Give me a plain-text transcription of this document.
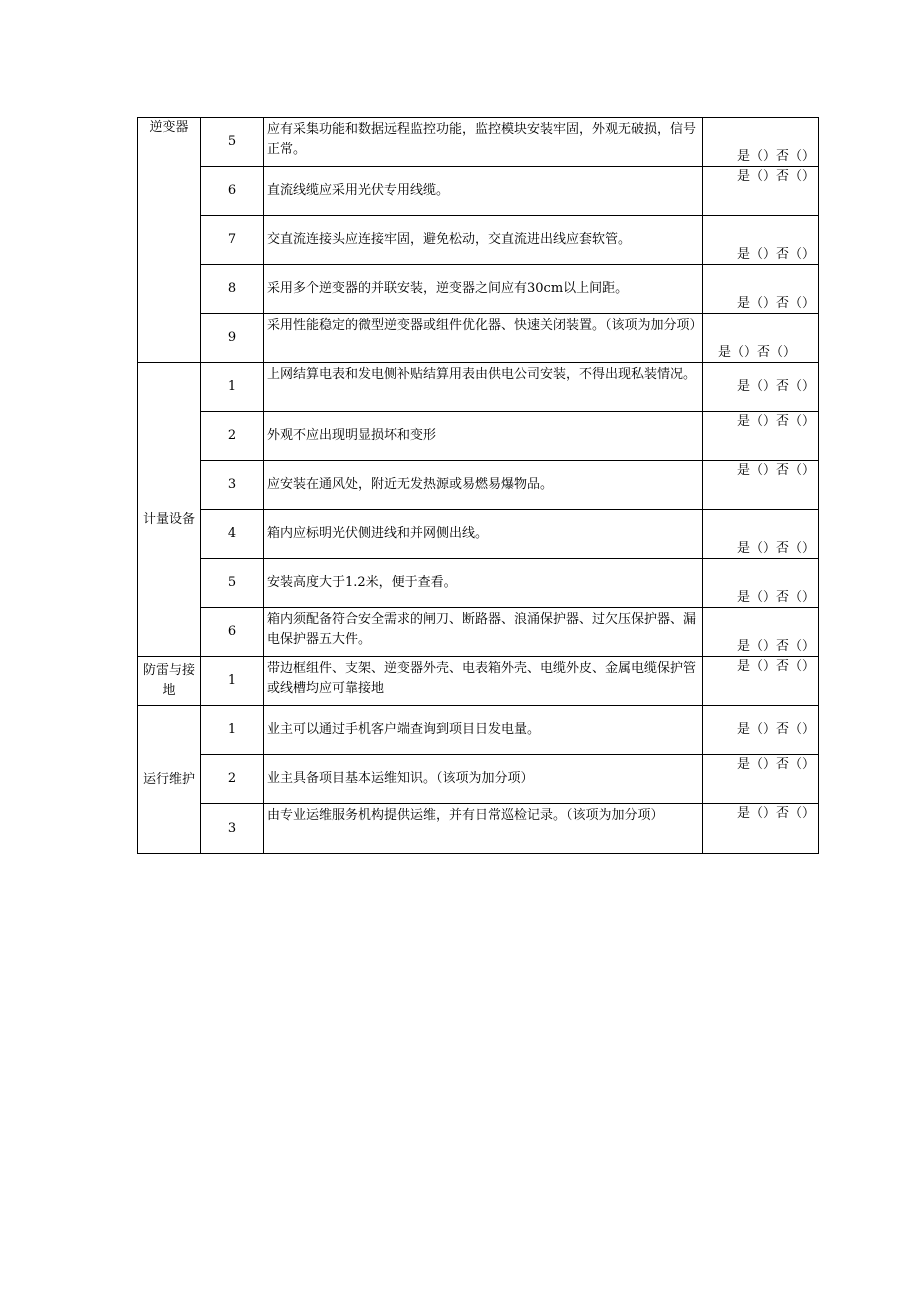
逆变器	5	应有采集功能和数据远程监控功能，监控模块安装牢固，外观无破损，信号正常。	是（）否（）

	6	直流线缆应采用光伏专用线缆。	是（）否（）

	7	交直流连接头应连接牢固，避免松动，交直流进出线应套软管。	是（）否（）

	8	采用多个逆变器的并联安装，逆变器之间应有30cm以上间距。	是（）否（）

	9	采用性能稳定的微型逆变器或组件优化器、快速关闭装置。（该项为加分项）	是（）否（）

计量设备	1	上网结算电表和发电侧补贴结算用表由供电公司安装，不得出现私装情况。	是（）否（）

	2	外观不应出现明显损坏和变形	是（）否（）

	3	应安装在通风处，附近无发热源或易燃易爆物品。	是（）否（）

	4	箱内应标明光伏侧进线和并网侧出线。	是（）否（）

	5	安装高度大于1.2米，便于查看。	是（）否（）

	6	箱内须配备符合安全需求的闸刀、断路器、浪涌保护器、过欠压保护器、漏电保护器五大件。	是（）否（）

防雷与接地	1	带边框组件、支架、逆变器外壳、电表箱外壳、电缆外皮、金属电缆保护管或线槽均应可靠接地	是（）否（）

运行维护	1	业主可以通过手机客户端查询到项目日发电量。	是（）否（）

	2	业主具备项目基本运维知识。（该项为加分项）	是（）否（）

	3	由专业运维服务机构提供运维，并有日常巡检记录。（该项为加分项）	是（）否（）
